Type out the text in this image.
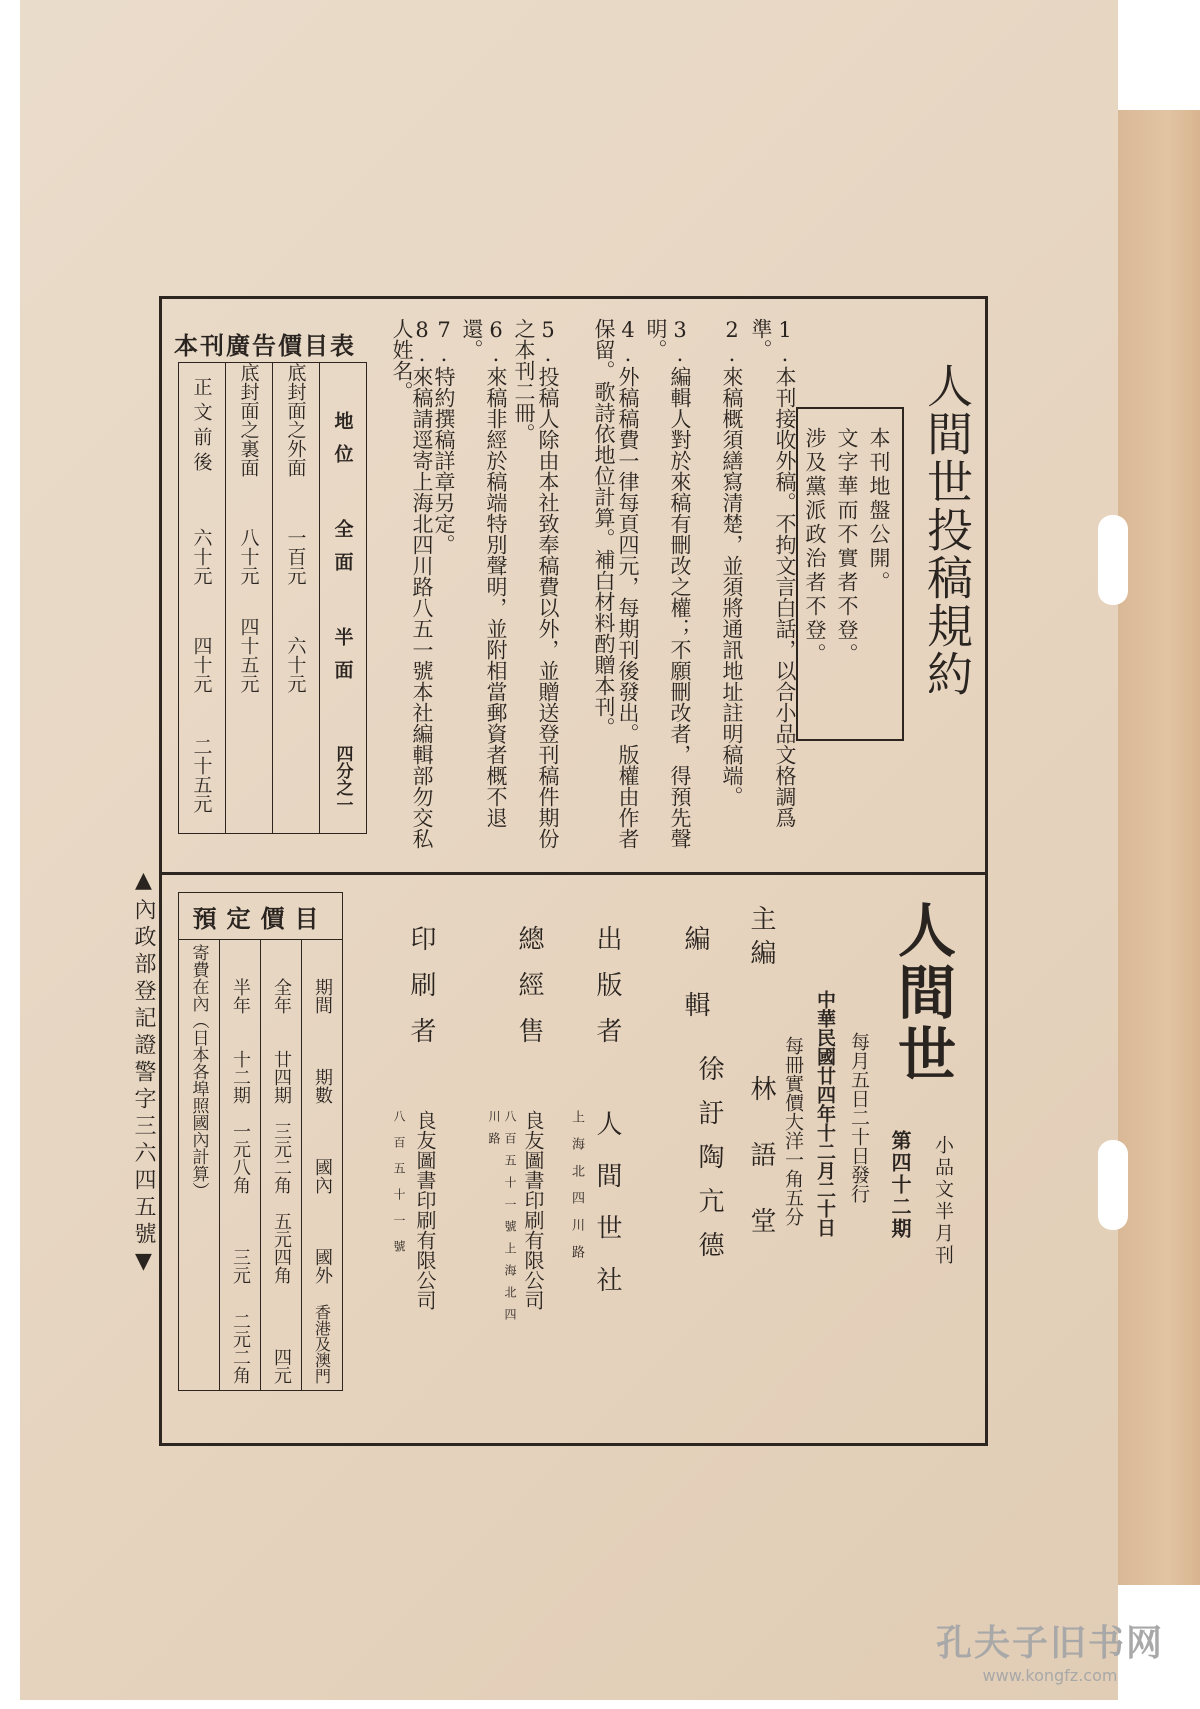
▲內政部登記證警字三六四五號▼
本刊廣告價目表
地位
全面
半面
四分之一

底封面之外面
一百元
六十元

底封面之裏面
八十元
四十五元

正文前後
六十元
四十元
二十五元
1.本刊接收外稿。不拘文言白話，以合小品文格調爲準。
2.來稿概須繕寫清楚，並須將通訊地址註明稿端。
3.編輯人對於來稿有刪改之權；不願刪改者，得預先聲明。
4.外稿稿費一律每頁四元，每期刊後發出。版權由作者保留。歌詩依地位計算。補白材料酌贈本刊。
5.投稿人除由本社致奉稿費以外，並贈送登刊稿件期份之本刊二冊。
6.來稿非經於稿端特別聲明，並附相當郵資者概不退還。
7.特約撰稿詳章另定。
8.來稿請逕寄上海北四川路八五一號本社編輯部勿交私人姓名。
本刊地盤公開。
文字華而不實者不登。
涉及黨派政治者不登。 人間世投稿規約
預定價目

期間
期數
國內
國外
香港及澳門

全年
廿四期
三元二角
五元四角
四元

半年
十二期
一元八角
三元
二元二角

寄費在內（日本各埠照國內計算）
主編
林語堂
編輯
徐訏陶亢德
出版者
人間世社
上海北四川路
總經售
良友圖書印刷有限公司
八百五十一號上海北四川路
印刷者
良友圖書印刷有限公司
八百五十一號
人間世
小品文半月刊
第四十二期
每月五日二十日發行
中華民國廿四年十二月二十日
每冊實價大洋一角五分
孔夫子旧书网
www.kongfz.com
